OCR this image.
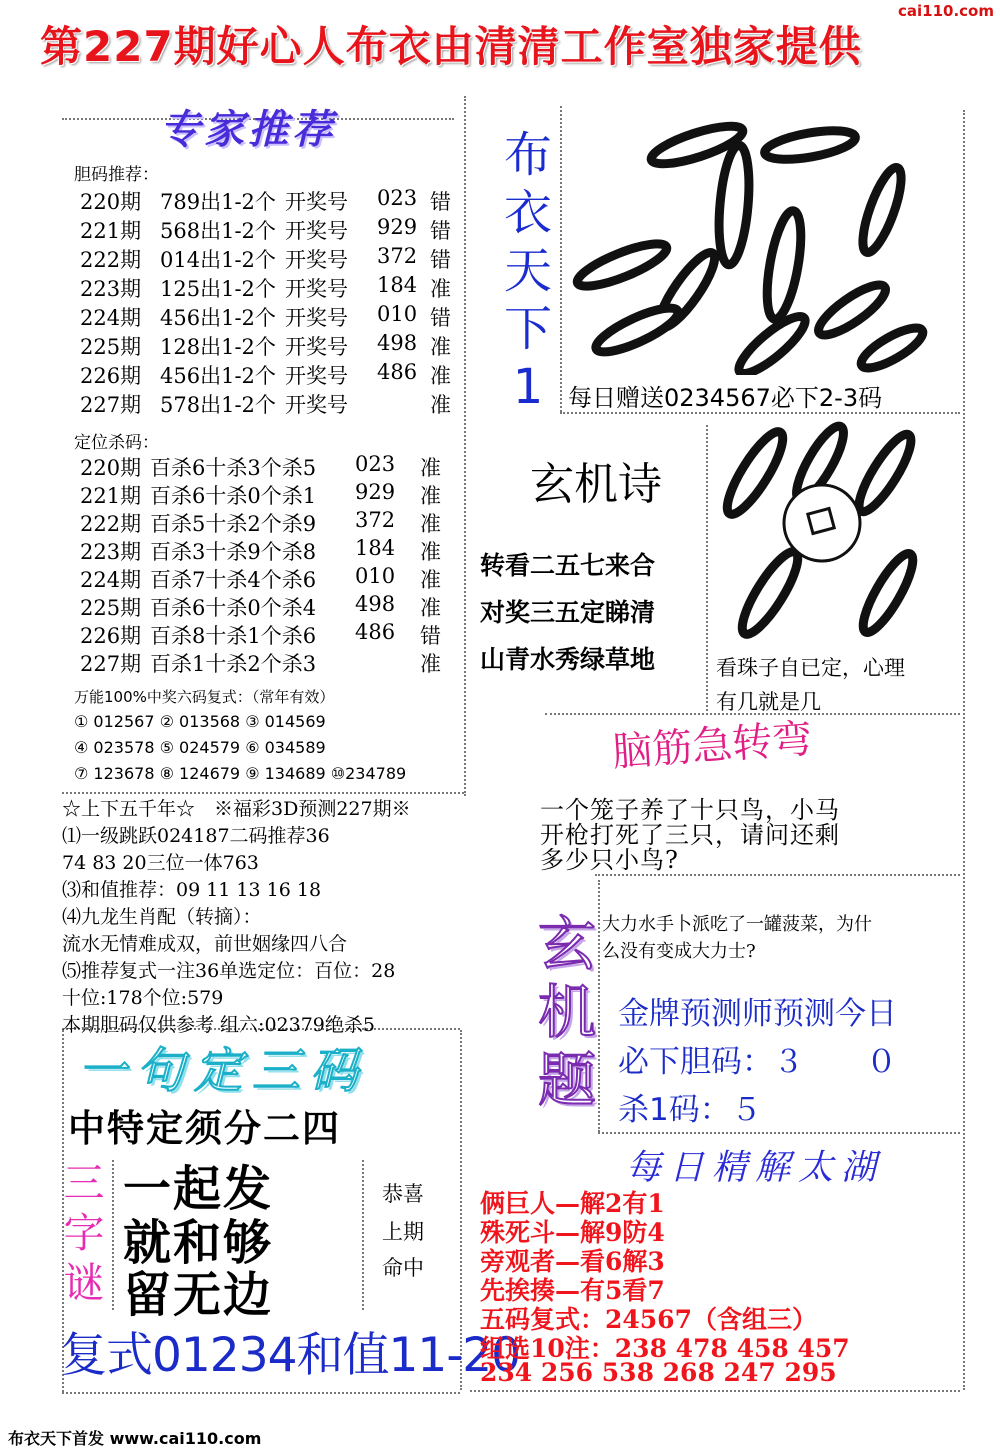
第227期好心人布衣由清清工作室独家提供
cai110.com
专家推荐
胆码推荐：
220期 789出1-2个 开奖号 023 错
221期 568出1-2个 开奖号 929 错
222期 014出1-2个 开奖号 372 错
223期 125出1-2个 开奖号 184 准
224期 456出1-2个 开奖号 010 错
225期 128出1-2个 开奖号 498 准
226期 456出1-2个 开奖号 486 准
227期 578出1-2个 开奖号	准
定位杀码：
220期 百杀6十杀3个杀5 023 准
221期 百杀6十杀0个杀1 929 准
222期 百杀5十杀2个杀9 372 准
223期 百杀3十杀9个杀8 184 准
224期 百杀7十杀4个杀6 010 准
225期 百杀6十杀0个杀4 498 准
226期 百杀8十杀1个杀6 486 错
227期 百杀1十杀2个杀3	准
万能100%中奖六码复式：（常年有效）
① 012567 ② 013568 ③ 014569
④ 023578 ⑤ 024579 ⑥ 034589
⑦ 123678 ⑧ 124679 ⑨ 134689 ⑩234789
☆上下五千年☆　※福彩3D预测227期※
⑴一级跳跃024187二码推荐36
74 83 20三位一体763
⑶和值推荐：09 11 13 16 18
⑷九龙生肖配（转摘）：
流水无情难成双，前世姻缘四八合
⑸推荐复式一注36单选定位：百位：28
十位:178个位:579
本期胆码仅供参考 组六:02379绝杀5
一句定三码
中特定须分二四
三字谜
一起发
就和够
留无边
恭喜
上期
命中
复式01234和值11-20
布
衣
天
下
1	每日赠送0234567必下2-3码
玄机诗
转看二五七来合
对奖三五定睇清
山青水秀绿草地	看珠子自已定，心理
有几就是几
脑筋急转弯
一个笼子养了十只鸟，小马
开枪打死了三只，请问还剩
多少只小鸟?
玄
机
题
大力水手卜派吃了一罐菠菜，为什
么没有变成大力士?
金牌预测师预测今日
必下胆码：３　　０
杀1码：５
每日精解太湖
俩巨人—解2有1
殊死斗—解9防4
旁观者—看6解3
先挨揍—有5看7
五码复式：24567（含组三）
组选10注：238 478 458 457
234 256 538 268 247 295
布衣天下首发 www.cai110.com
